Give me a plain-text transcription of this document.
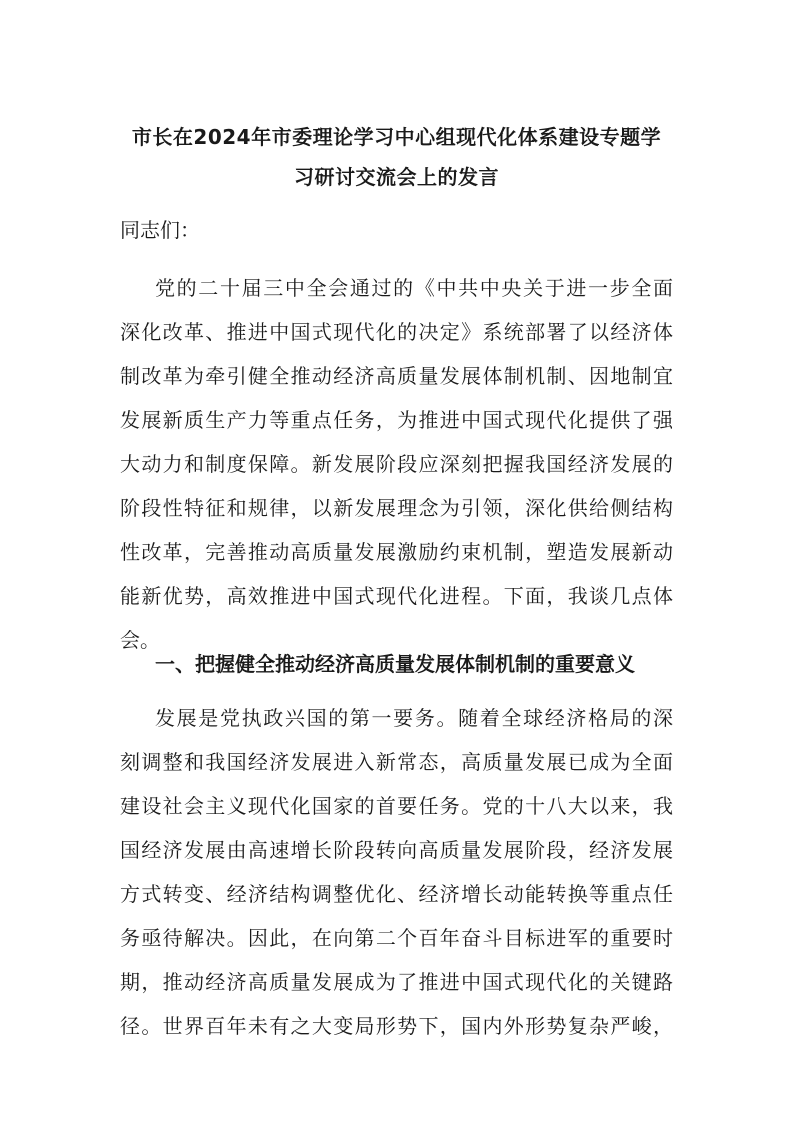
市长在2024年市委理论学习中心组现代化体系建设专题学
习研讨交流会上的发言
同志们：
党的二十届三中全会通过的《中共中央关于进一步全面
深化改革、推进中国式现代化的决定》系统部署了以经济体
制改革为牵引健全推动经济高质量发展体制机制、因地制宜
发展新质生产力等重点任务，为推进中国式现代化提供了强
大动力和制度保障。新发展阶段应深刻把握我国经济发展的
阶段性特征和规律，以新发展理念为引领，深化供给侧结构
性改革，完善推动高质量发展激励约束机制，塑造发展新动
能新优势，高效推进中国式现代化进程。下面，我谈几点体
会。
一、把握健全推动经济高质量发展体制机制的重要意义
发展是党执政兴国的第一要务。随着全球经济格局的深
刻调整和我国经济发展进入新常态，高质量发展已成为全面
建设社会主义现代化国家的首要任务。党的十八大以来，我
国经济发展由高速增长阶段转向高质量发展阶段，经济发展
方式转变、经济结构调整优化、经济增长动能转换等重点任
务亟待解决。因此，在向第二个百年奋斗目标进军的重要时
期，推动经济高质量发展成为了推进中国式现代化的关键路
径。世界百年未有之大变局形势下，国内外形势复杂严峻，
